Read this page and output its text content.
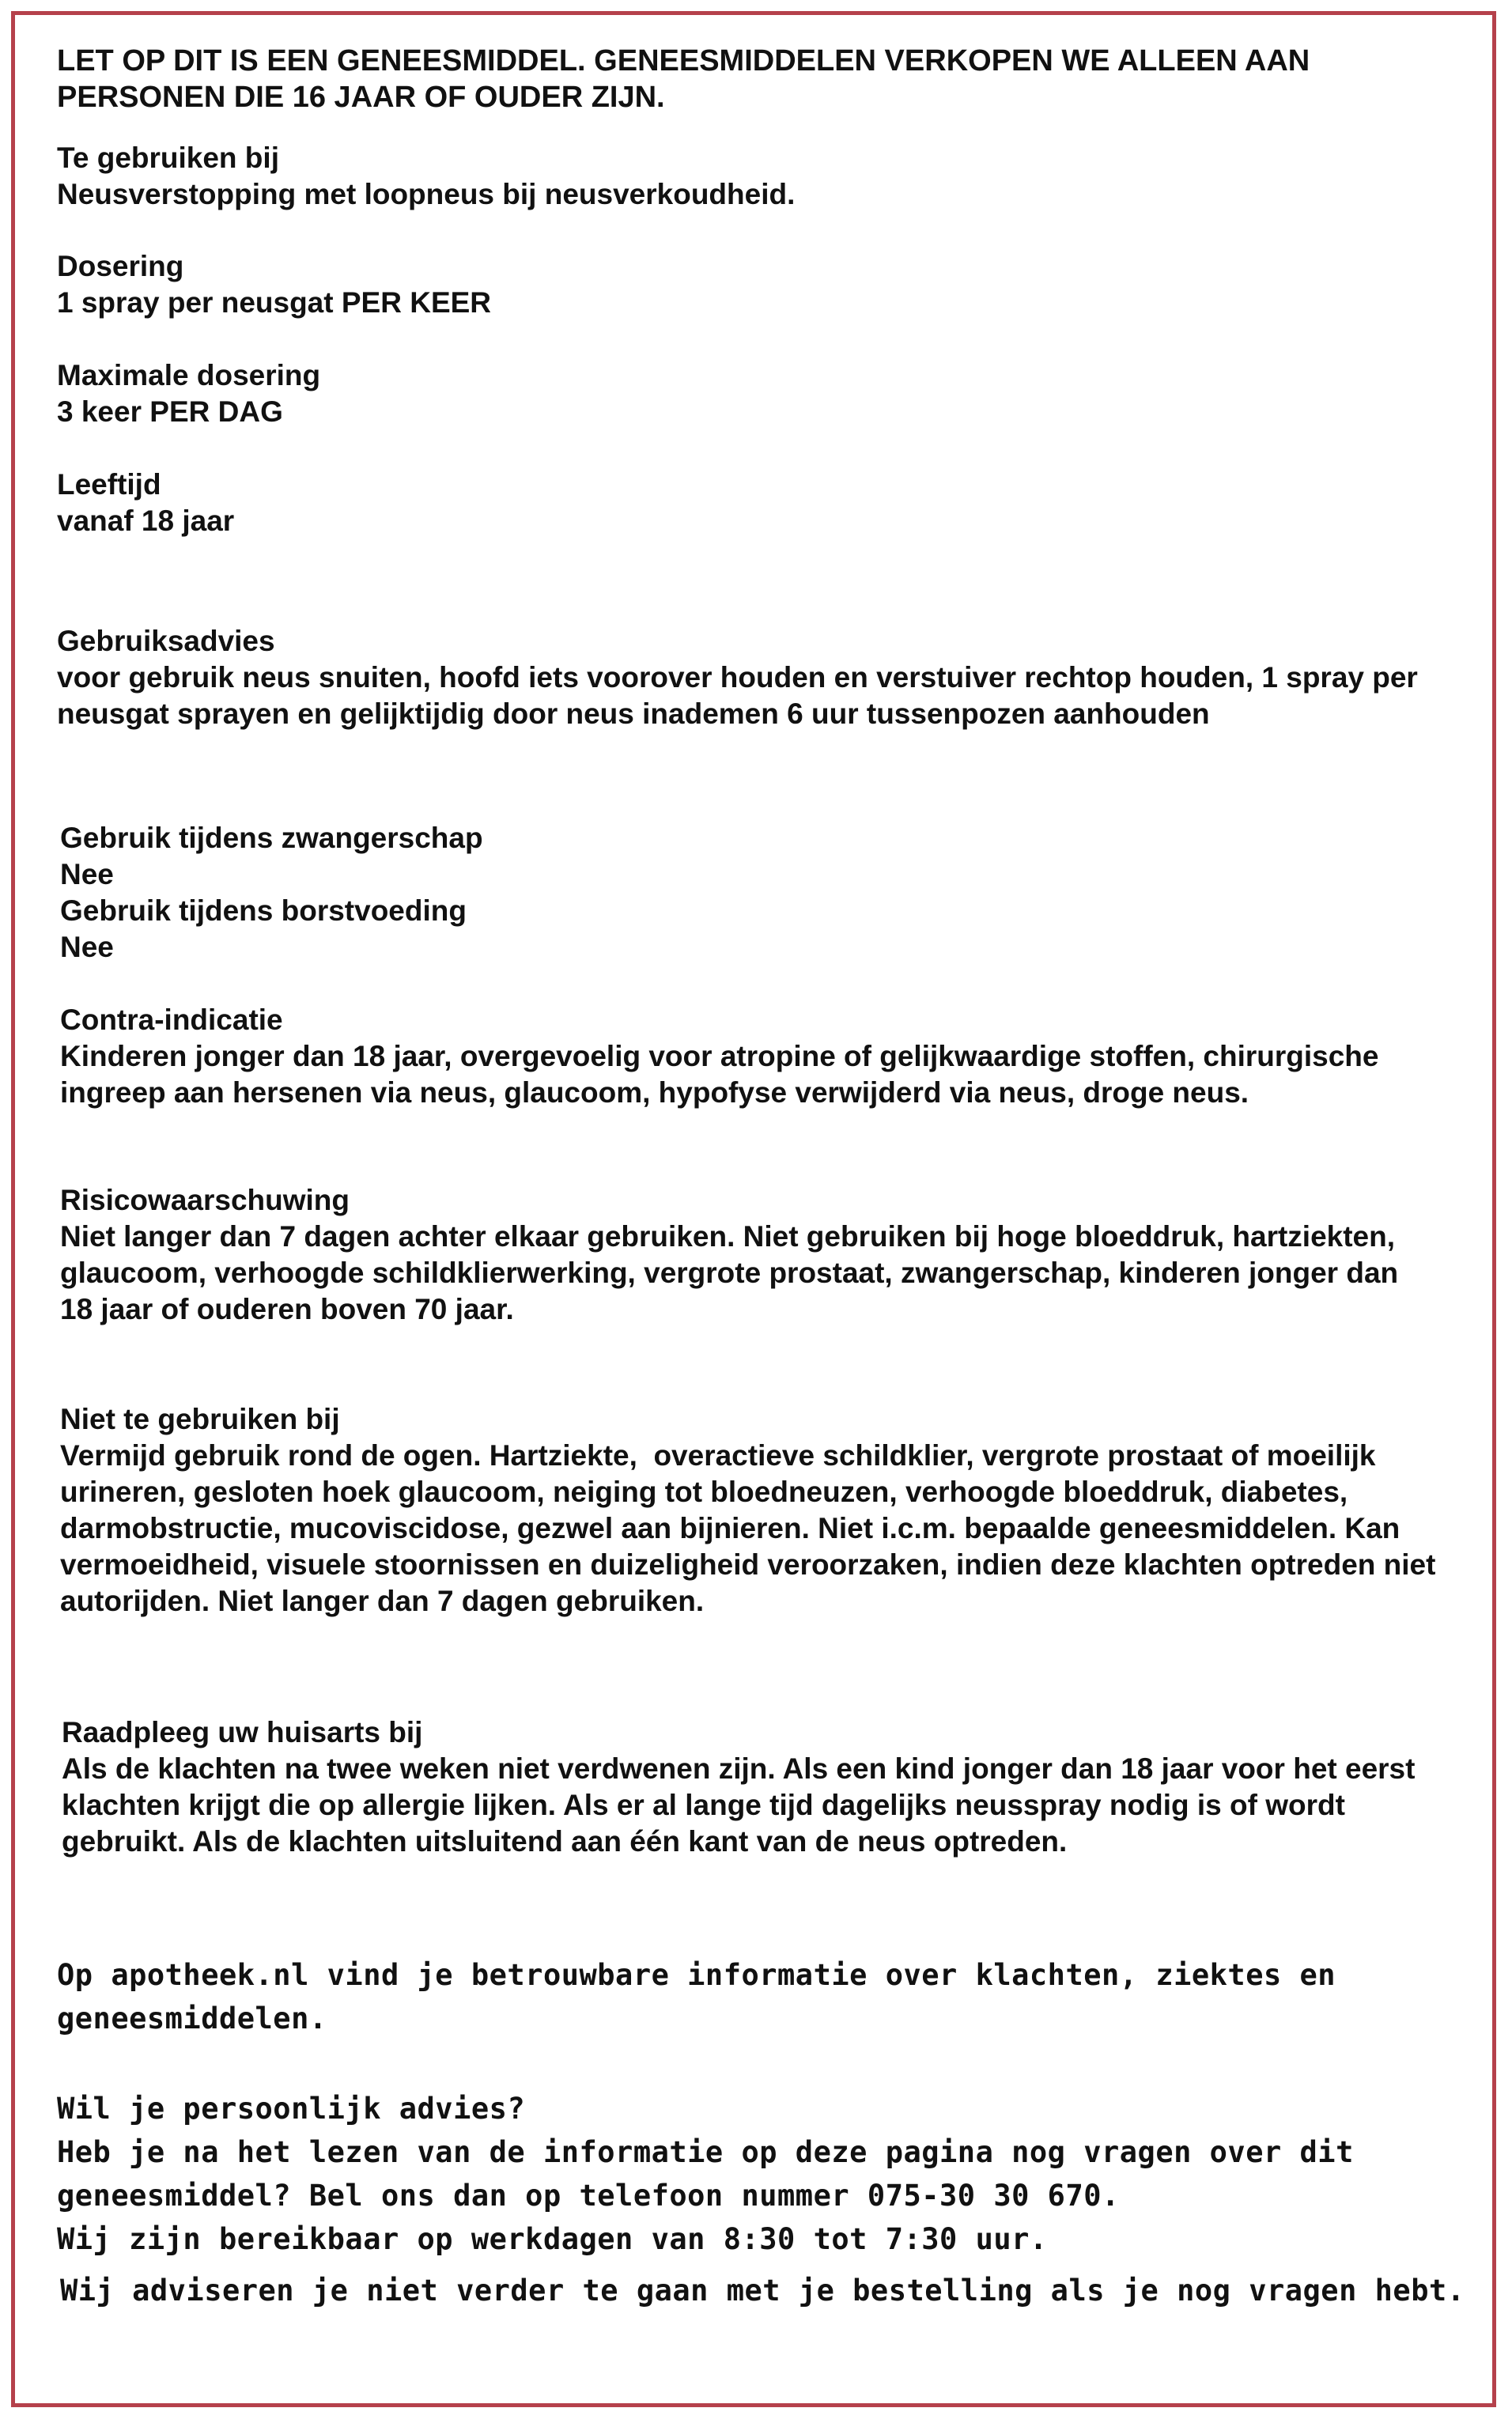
LET OP DIT IS EEN GENEESMIDDEL. GENEESMIDDELEN VERKOPEN WE ALLEEN AAN PERSONEN DIE 16 JAAR OF OUDER ZIJN.

Te gebruiken bij

Neusverstopping met loopneus bij neusverkoudheid.

Dosering

1 spray per neusgat PER KEER

Maximale dosering

3 keer PER DAG

Leeftijd

vanaf 18 jaar

Gebruiksadvies

voor gebruik neus snuiten, hoofd iets voorover houden en verstuiver rechtop houden, 1 spray per neusgat sprayen en gelijktijdig door neus inademen 6 uur tussenpozen aanhouden

Gebruik tijdens zwangerschap

Nee

Gebruik tijdens borstvoeding

Nee

Contra-indicatie

Kinderen jonger dan 18 jaar, overgevoelig voor atropine of gelijkwaardige stoffen, chirurgische ingreep aan hersenen via neus, glaucoom, hypofyse verwijderd via neus, droge neus.

Risicowaarschuwing

Niet langer dan 7 dagen achter elkaar gebruiken. Niet gebruiken bij hoge bloeddruk, hartziekten, glaucoom, verhoogde schildklierwerking, vergrote prostaat, zwangerschap, kinderen jonger dan 18 jaar of ouderen boven 70 jaar.

Niet te gebruiken bij

Vermijd gebruik rond de ogen. Hartziekte,  overactieve schildklier, vergrote prostaat of moeilijk urineren, gesloten hoek glaucoom, neiging tot bloedneuzen, verhoogde bloeddruk, diabetes, darmobstructie, mucoviscidose, gezwel aan bijnieren. Niet i.c.m. bepaalde geneesmiddelen. Kan vermoeidheid, visuele stoornissen en duizeligheid veroorzaken, indien deze klachten optreden niet autorijden. Niet langer dan 7 dagen gebruiken.

Raadpleeg uw huisarts bij

Als de klachten na twee weken niet verdwenen zijn. Als een kind jonger dan 18 jaar voor het eerst klachten krijgt die op allergie lijken. Als er al lange tijd dagelijks neusspray nodig is of wordt gebruikt. Als de klachten uitsluitend aan één kant van de neus optreden.

Op apotheek.nl vind je betrouwbare informatie over klachten, ziektes en geneesmiddelen.

Wil je persoonlijk advies?

Heb je na het lezen van de informatie op deze pagina nog vragen over dit geneesmiddel? Bel ons dan op telefoon nummer 075-30 30 670.

Wij zijn bereikbaar op werkdagen van 8:30 tot 7:30 uur.

Wij adviseren je niet verder te gaan met je bestelling als je nog vragen hebt.
